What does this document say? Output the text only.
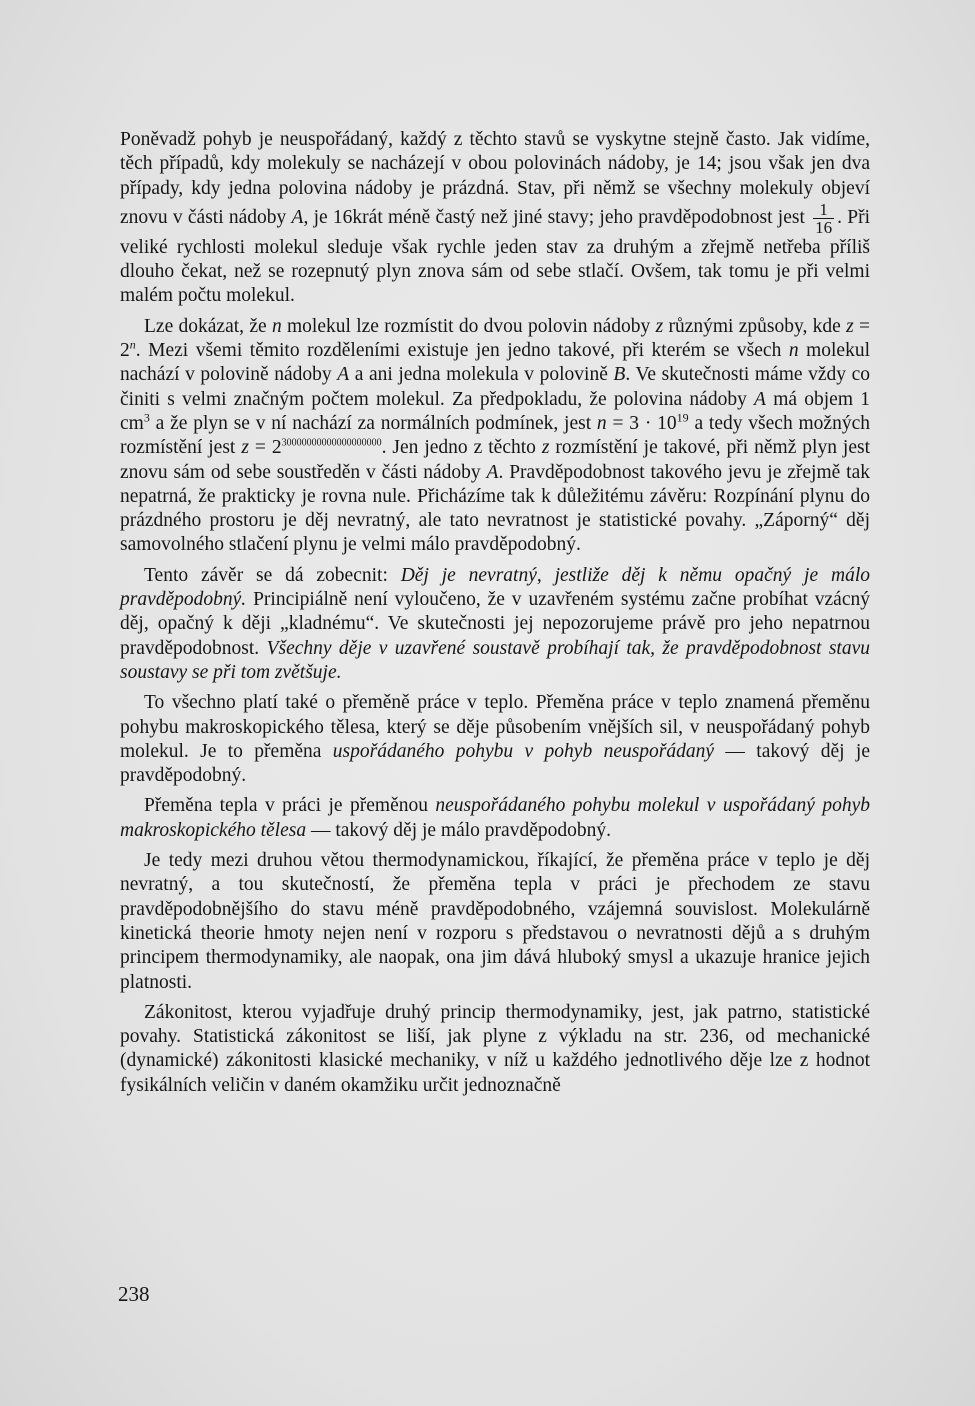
Poněvadž pohyb je neuspořádaný, každý z těchto stavů se vyskytne stejně často. Jak vidíme, těch případů, kdy molekuly se nacházejí v obou polovinách nádoby, je 14; jsou však jen dva případy, kdy jedna polovina nádoby je prázdná. Stav, při němž se všechny molekuly objeví znovu v části nádoby A, je 16krát méně častý než jiné stavy; jeho pravděpodobnost jest $\frac{1}{16}$ . Při veliké rychlosti molekul sleduje však rychle jeden stav za druhým a zřejmě netřeba příliš dlouho čekat, než se rozepnutý plyn znova sám od sebe stlačí. Ovšem, tak tomu je při velmi malém počtu molekul.

Lze dokázat, že n molekul lze rozmístit do dvou polovin nádoby z různými způsoby, kde $z = 2^n$. Mezi všemi těmito rozděleními existuje jen jedno takové, při kterém se všech n molekul nachází v polovině nádoby A a ani jedna molekula v polovině B. Ve skutečnosti máme vždy co činiti s velmi značným počtem molekul. Za předpokladu, že polovina nádoby A má objem 1 $cm^3$ a že plyn se v ní nachází za normálních podmínek, jest $n = 3 \cdot 10^{19}$ a tedy všech možných rozmístění jest $z = 2^{30000000000000000000}$. Jen jedno z těchto z rozmístění je takové, při němž plyn jest znovu sám od sebe soustředěn v části nádoby A. Pravděpodobnost takového jevu je zřejmě tak nepatrná, že prakticky je rovna nule. Přicházíme tak k důležitému závěru: Rozpínání plynu do prázdného prostoru je děj nevratný, ale tato nevratnost je statistické povahy. „Záporný“ děj samovolného stlačení plynu je velmi málo pravděpodobný.

Tento závěr se dá zobecnit: Děj je nevratný, jestliže děj k němu opačný je málo pravděpodobný. Principiálně není vyloučeno, že v uzavřeném systému začne probíhat vzácný děj, opačný k ději „kladnému“. Ve skutečnosti jej nepozorujeme právě pro jeho nepatrnou pravděpodobnost. Všechny děje v uzavřené soustavě probíhají tak, že pravděpodobnost stavu soustavy se při tom zvětšuje.

To všechno platí také o přeměně práce v teplo. Přeměna práce v teplo znamená přeměnu pohybu makroskopického tělesa, který se děje působením vnějších sil, v neuspořádaný pohyb molekul. Je to přeměna uspořádaného pohybu v pohyb neuspořádaný — takový děj je pravděpodobný.

Přeměna tepla v práci je přeměnou neuspořádaného pohybu molekul v uspořádaný pohyb makroskopického tělesa — takový děj je málo pravděpodobný.

Je tedy mezi druhou větou thermodynamickou, říkající, že přeměna práce v teplo je děj nevratný, a tou skutečností, že přeměna tepla v práci je přechodem ze stavu pravděpodobnějšího do stavu méně pravděpodobného, vzájemná souvislost. Molekulárně kinetická theorie hmoty nejen není v rozporu s představou o nevratnosti dějů a s druhým principem thermodynamiky, ale naopak, ona jim dává hluboký smysl a ukazuje hranice jejich platnosti.

Zákonitost, kterou vyjadřuje druhý princip thermodynamiky, jest, jak patrno, statistické povahy. Statistická zákonitost se liší, jak plyne z výkladu na str. 236, od mechanické (dynamické) zákonitosti klasické mechaniky, v níž u každého jednotlivého děje lze z hodnot fysikálních veličin v daném okamžiku určit jednoznačně

238
